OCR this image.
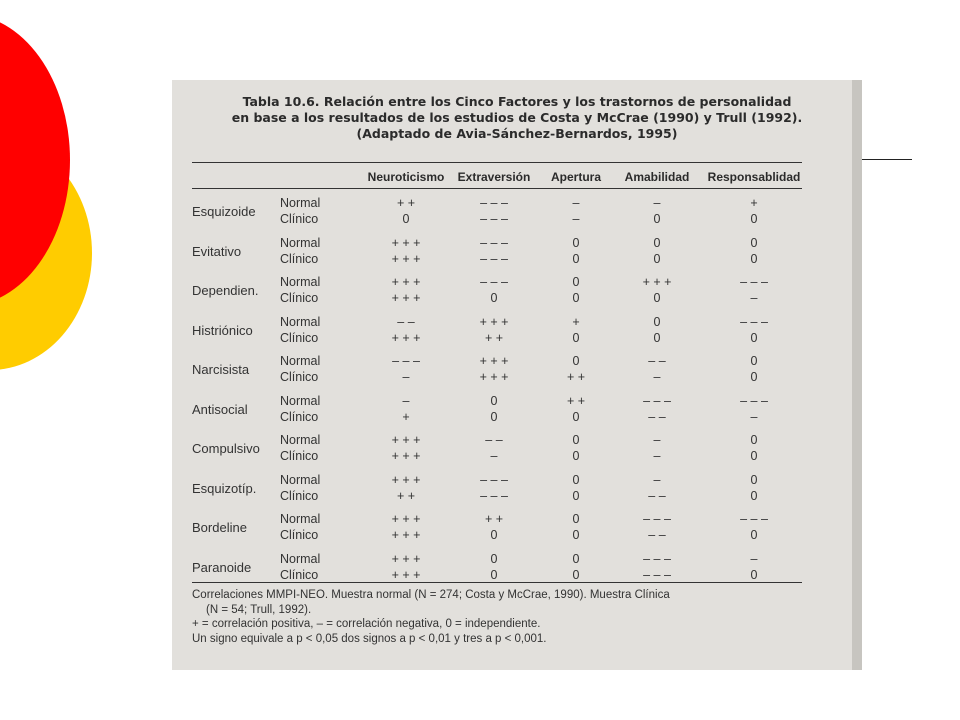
Tabla 10.6. Relación entre los Cinco Factores y los trastornos de personalidad
en base a los resultados de los estudios de Costa y McCrae (1990) y Trull (1992).
(Adaptado de Avia-Sánchez-Bernardos, 1995)
Neuroticismo	Extraversión	Apertura	Amabilidad	Responsablidad
Esquizoide
Normal	+ +	– – –	–	–	+
Clínico	0	– – –	–	0	0
Evitativo
Normal	+ + +	– – –	0	0	0
Clínico	+ + +	– – –	0	0	0
Dependien.
Normal	+ + +	– – –	0	+ + +	– – –
Clínico	+ + +	0	0	0	–
Histriónico
Normal	– –	+ + +	+	0	– – –
Clínico	+ + +	+ +	0	0	0
Narcisista
Normal	– – –	+ + +	0	– –	0
Clínico	–	+ + +	+ +	–	0
Antisocial
Normal	–	0	+ +	– – –	– – –
Clínico	+	0	0	– –	–
Compulsivo
Normal	+ + +	– –	0	–	0
Clínico	+ + +	–	0	–	0
Esquizotíp.
Normal	+ + +	– – –	0	–	0
Clínico	+ +	– – –	0	– –	0
Bordeline
Normal	+ + +	+ +	0	– – –	– – –
Clínico	+ + +	0	0	– –	0
Paranoide
Normal	+ + +	0	0	– – –	–
Clínico	+ + +	0	0	– – –	0
Correlaciones MMPI-NEO. Muestra normal (N = 274; Costa y McCrae, 1990). Muestra Clínica
(N = 54; Trull, 1992).
+ = correlación positiva, – = correlación negativa, 0 = independiente.
Un signo equivale a p < 0,05 dos signos a p < 0,01 y tres a p < 0,001.
